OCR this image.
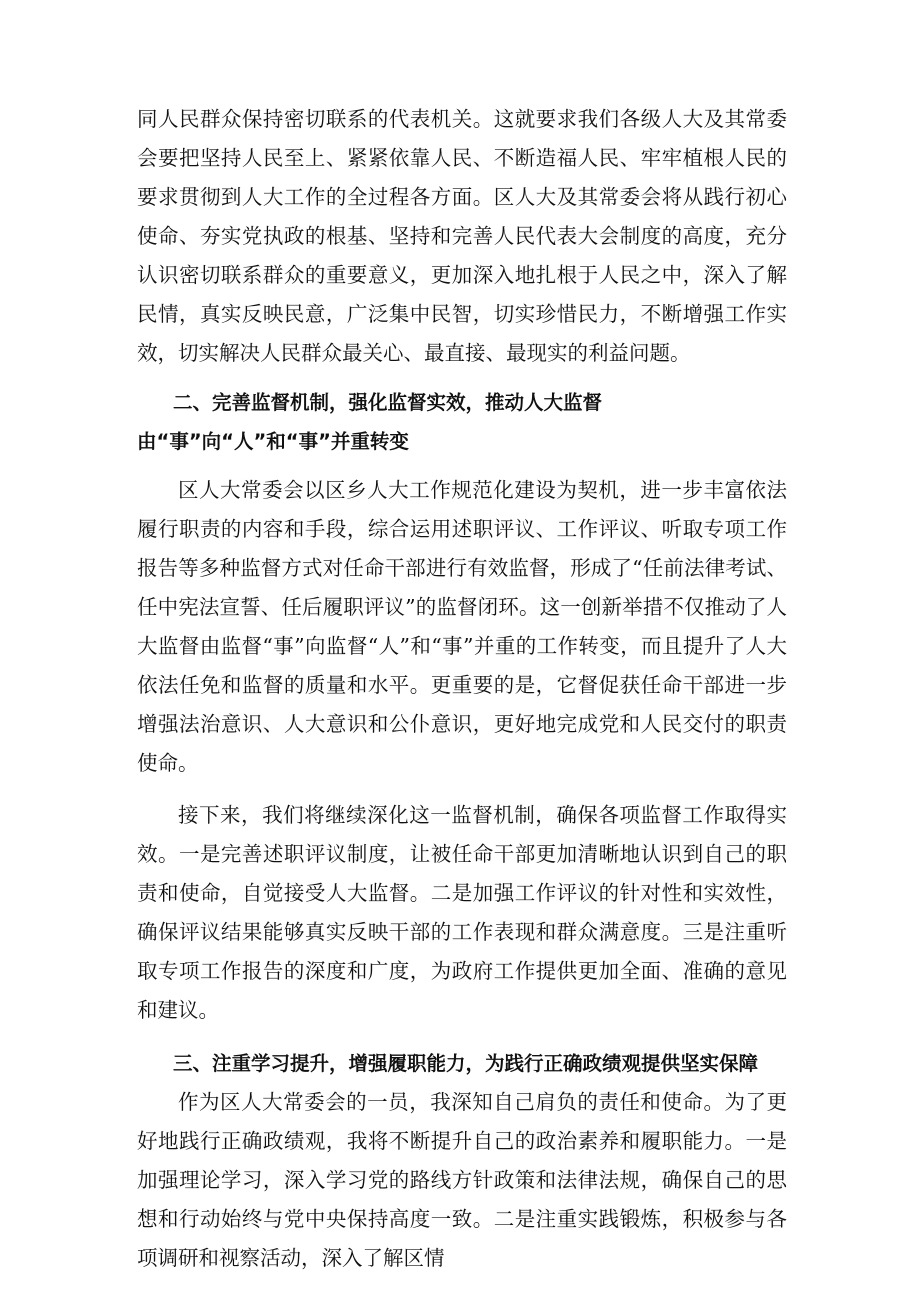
同人民群众保持密切联系的代表机关。这就要求我们各级人大及其常委会要把坚持人民至上、紧紧依靠人民、不断造福人民、牢牢植根人民的要求贯彻到人大工作的全过程各方面。区人大及其常委会将从践行初心使命、夯实党执政的根基、坚持和完善人民代表大会制度的高度，充分认识密切联系群众的重要意义，更加深入地扎根于人民之中，深入了解民情，真实反映民意，广泛集中民智，切实珍惜民力，不断增强工作实效，切实解决人民群众最关心、最直接、最现实的利益问题。

二、完善监督机制，强化监督实效，推动人大监督由“事”向“人”和“事”并重转变

区人大常委会以区乡人大工作规范化建设为契机，进一步丰富依法履行职责的内容和手段，综合运用述职评议、工作评议、听取专项工作报告等多种监督方式对任命干部进行有效监督，形成了“任前法律考试、任中宪法宣誓、任后履职评议”的监督闭环。这一创新举措不仅推动了人大监督由监督“事”向监督“人”和“事”并重的工作转变，而且提升了人大依法任免和监督的质量和水平。更重要的是，它督促获任命干部进一步增强法治意识、人大意识和公仆意识，更好地完成党和人民交付的职责使命。

接下来，我们将继续深化这一监督机制，确保各项监督工作取得实效。一是完善述职评议制度，让被任命干部更加清晰地认识到自己的职责和使命，自觉接受人大监督。二是加强工作评议的针对性和实效性，确保评议结果能够真实反映干部的工作表现和群众满意度。三是注重听取专项工作报告的深度和广度，为政府工作提供更加全面、准确的意见和建议。

三、注重学习提升，增强履职能力，为践行正确政绩观提供坚实保障

作为区人大常委会的一员，我深知自己肩负的责任和使命。为了更好地践行正确政绩观，我将不断提升自己的政治素养和履职能力。一是加强理论学习，深入学习党的路线方针政策和法律法规，确保自己的思想和行动始终与党中央保持高度一致。二是注重实践锻炼，积极参与各项调研和视察活动，深入了解区情
